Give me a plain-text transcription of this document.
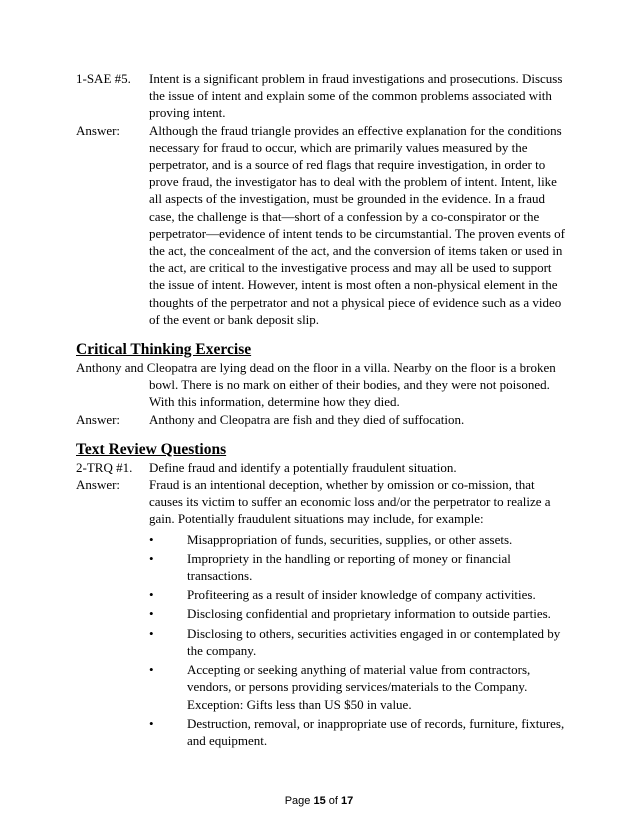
1-SAE #5.	Intent is a significant problem in fraud investigations and prosecutions. Discuss the issue of intent and explain some of the common problems associated with proving intent.
Answer:	Although the fraud triangle provides an effective explanation for the conditions necessary for fraud to occur, which are primarily values measured by the perpetrator, and is a source of red flags that require investigation, in order to prove fraud, the investigator has to deal with the problem of intent. Intent, like all aspects of the investigation, must be grounded in the evidence. In a fraud case, the challenge is that—short of a confession by a co-conspirator or the perpetrator—evidence of intent tends to be circumstantial. The proven events of the act, the concealment of the act, and the conversion of items taken or used in the act, are critical to the investigative process and may all be used to support the issue of intent. However, intent is most often a non-physical element in the thoughts of the perpetrator and not a physical piece of evidence such as a video of the event or bank deposit slip.
Critical Thinking Exercise
Anthony and Cleopatra are lying dead on the floor in a villa. Nearby on the floor is a broken bowl. There is no mark on either of their bodies, and they were not poisoned. With this information, determine how they died.
Answer:	Anthony and Cleopatra are fish and they died of suffocation.
Text Review Questions
2-TRQ #1.	Define fraud and identify a potentially fraudulent situation.
Answer:	Fraud is an intentional deception, whether by omission or co-mission, that causes its victim to suffer an economic loss and/or the perpetrator to realize a gain. Potentially fraudulent situations may include, for example:
•	Misappropriation of funds, securities, supplies, or other assets.
•	Impropriety in the handling or reporting of money or financial transactions.
•	Profiteering as a result of insider knowledge of company activities.
•	Disclosing confidential and proprietary information to outside parties.
•	Disclosing to others, securities activities engaged in or contemplated by the company.
•	Accepting or seeking anything of material value from contractors, vendors, or persons providing services/materials to the Company. Exception: Gifts less than US $50 in value.
•	Destruction, removal, or inappropriate use of records, furniture, fixtures, and equipment.
Page 15 of 17
